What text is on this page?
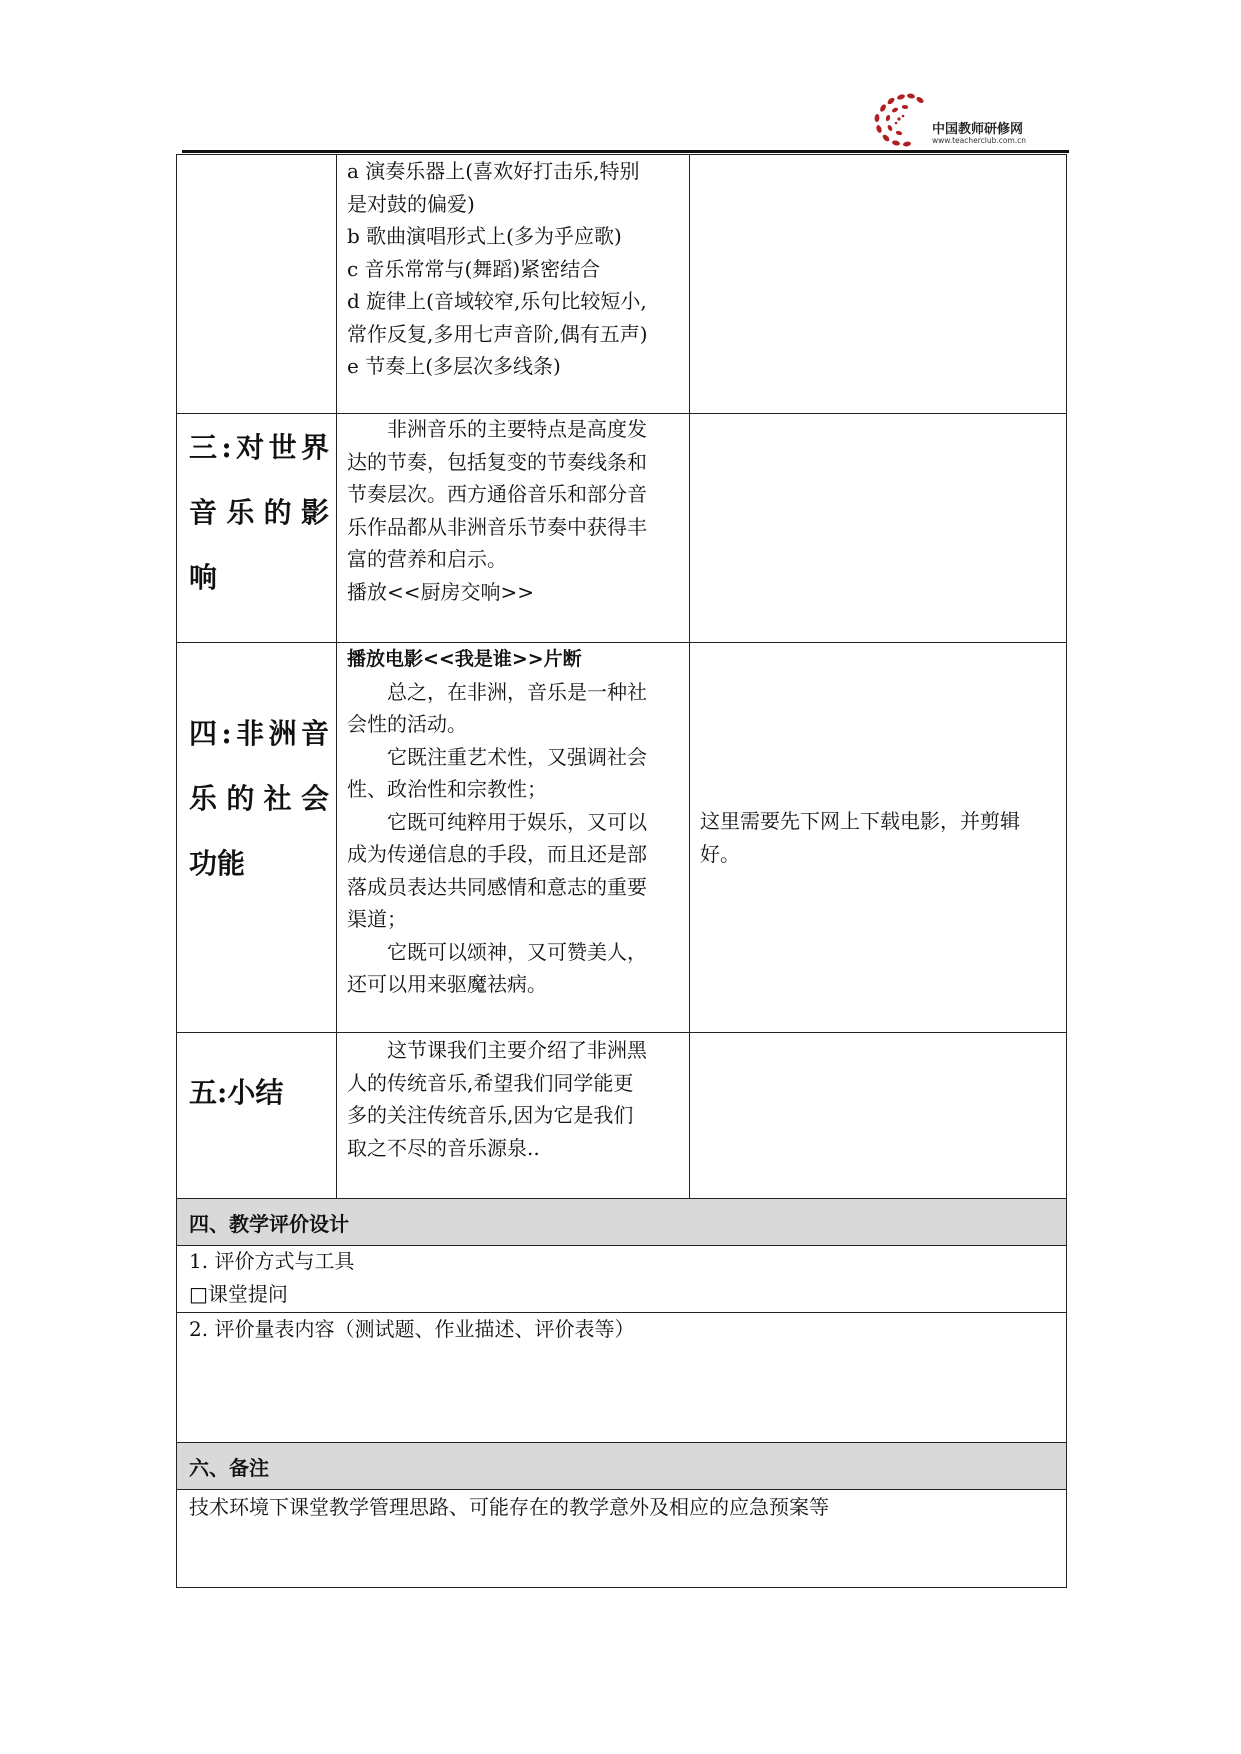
中国教师研修网
www.teacherclub.com.cn
a 演奏乐器上(喜欢好打击乐,特别
是对鼓的偏爱)
b 歌曲演唱形式上(多为乎应歌)
c 音乐常常与(舞蹈)紧密结合
d 旋律上(音域较窄,乐句比较短小,
常作反复,多用七声音阶,偶有五声)
e 节奏上(多层次多线条)
三:对世界
音乐的影
响
非洲音乐的主要特点是高度发
达的节奏，包括复变的节奏线条和
节奏层次。西方通俗音乐和部分音
乐作品都从非洲音乐节奏中获得丰
富的营养和启示。
播放<<厨房交响>>
四:非洲音
乐的社会
功能
播放电影<<我是谁>>片断
总之，在非洲，音乐是一种社
会性的活动。
它既注重艺术性，又强调社会
性、政治性和宗教性；
它既可纯粹用于娱乐，又可以
成为传递信息的手段，而且还是部
落成员表达共同感情和意志的重要
渠道；
它既可以颂神，又可赞美人，
还可以用来驱魔祛病。
这里需要先下网上下载电影，并剪辑
好。
五:小结
这节课我们主要介绍了非洲黑
人的传统音乐,希望我们同学能更
多的关注传统音乐,因为它是我们
取之不尽的音乐源泉..
四、教学评价设计
1. 评价方式与工具
□课堂提问
2. 评价量表内容（测试题、作业描述、评价表等）
六、备注
技术环境下课堂教学管理思路、可能存在的教学意外及相应的应急预案等
